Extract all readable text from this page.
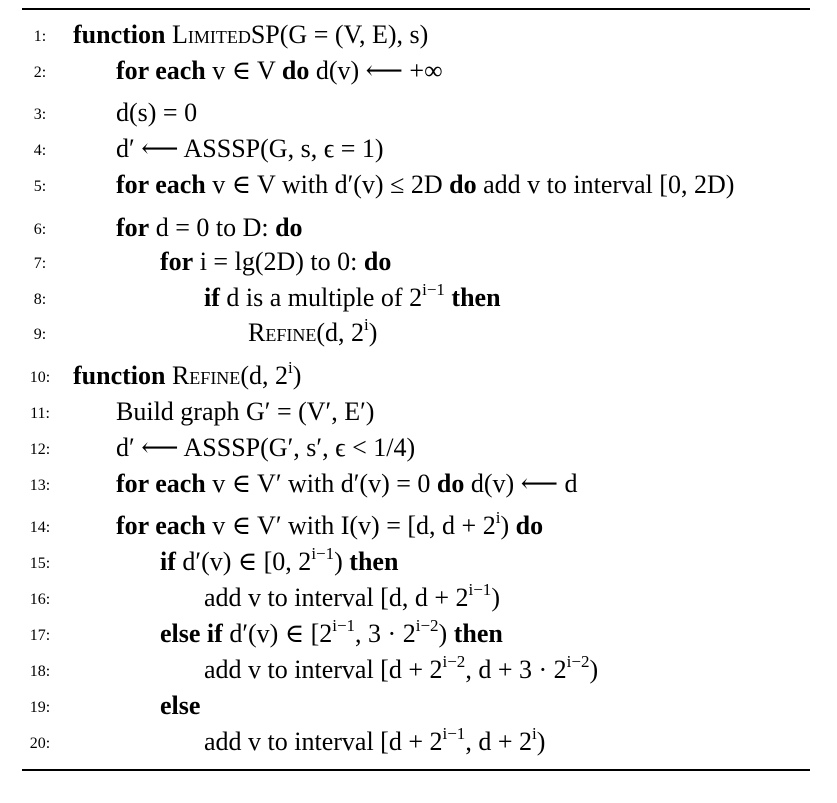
1:	function LimitedSP(G = (V, E), s)
2:	for each v ∈ V do d(v) ⟵ +∞
3:	d(s) = 0
4:	d′ ⟵ ASSSP(G, s, ϵ = 1)
5:	for each v ∈ V with d′(v) ≤ 2D do add v to interval [0, 2D)
6:	for d = 0 to D: do
7:	for i = lg(2D) to 0: do
8:	if d is a multiple of $2^{i-1}$ then
9:	Refine(d, 2$^i$)
10: function Refine(d, 2$^i$)
11:	Build graph G′ = (V′, E′)
12:	d′ ⟵ ASSSP(G′, s′, ϵ < 1/4)
13:	for each v ∈ V′ with d′(v) = 0 do d(v) ⟵ d
14:	for each v ∈ V′ with I(v) = [d, $d + 2^i$) do
15:	if d′(v) ∈ [0, $2^{i-1}$) then
16:	add v to interval [d, $d + 2^{i-1}$)
17:	else if d′(v) ∈ [$2^{i-1}$, $3 \cdot 2^{i-2}$) then
18:	add v to interval [$d + 2^{i-2}$, $d + 3 \cdot 2^{i-2}$)
19:	else
20:	add v to interval [$d + 2^{i-1}$, $d + 2^i$)
